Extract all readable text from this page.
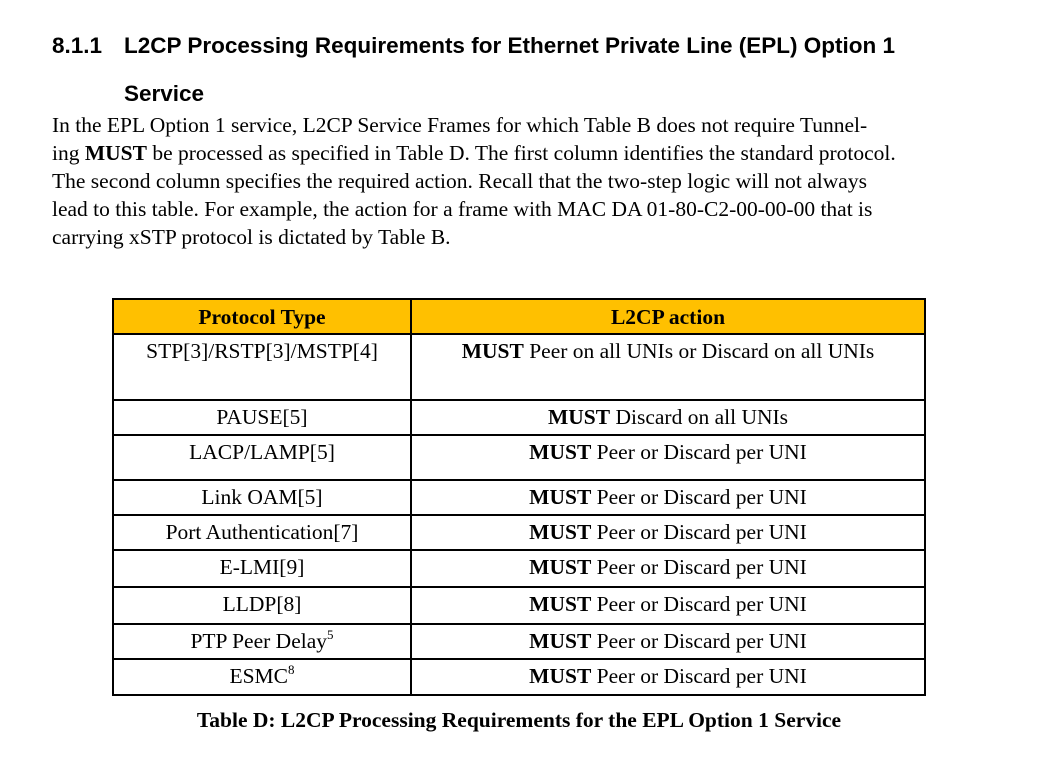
8.1.1 L2CP Processing Requirements for Ethernet Private Line (EPL) Option 1
Service
In the EPL Option 1 service, L2CP Service Frames for which Table B does not require Tunnel-
ing MUST be processed as specified in Table D. The first column identifies the standard protocol.
The second column specifies the required action. Recall that the two-step logic will not always
lead to this table. For example, the action for a frame with MAC DA 01-80-C2-00-00-00 that is
carrying xSTP protocol is dictated by Table B.
Protocol Type	L2CP action
STP[3]/RSTP[3]/MSTP[4]	MUST Peer on all UNIs or Discard on all UNIs
PAUSE[5]	MUST Discard on all UNIs
LACP/LAMP[5]	MUST Peer or Discard per UNI
Link OAM[5]	MUST Peer or Discard per UNI
Port Authentication[7]	MUST Peer or Discard per UNI
E-LMI[9]	MUST Peer or Discard per UNI
LLDP[8]	MUST Peer or Discard per UNI
PTP Peer Delay$^5$	MUST Peer or Discard per UNI
ESMC$^8$	MUST Peer or Discard per UNI
Table D: L2CP Processing Requirements for the EPL Option 1 Service
